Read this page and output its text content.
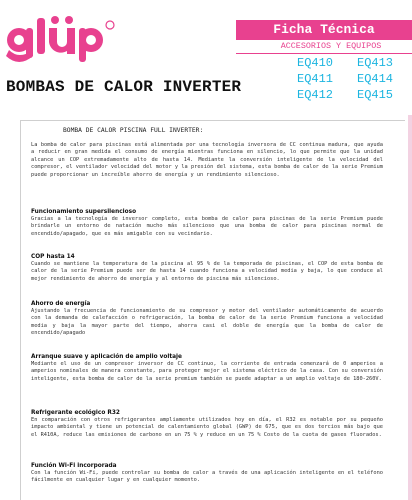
Ficha Técnica
ACCESORIOS Y EQUIPOS
EQ410 EQ413
EQ411 EQ414
EQ412 EQ415
BOMBAS DE CALOR INVERTER
BOMBA DE CALOR PISCINA FULL INVERTER:

La bomba de calor para piscinas está alimentada por una tecnología inversora de CC continua madura, que ayuda a reducir en gran medida el consumo de energía mientras funciona en silencio, lo que permite que la unidad alcance un COP extremadamente alto de hasta 14. Mediante la conversión inteligente de la velocidad del compresor, el ventilador velocidad del motor y la presión del sistema, esta bomba de calor de la serie Premium puede proporcionar un increíble ahorro de energía y un rendimiento silencioso.

Funcionamiento supersilencioso

Gracias a la tecnología de inversor completo, esta bomba de calor para piscinas de la serie Premium puede brindarle un entorno de natación mucho más silencioso que una bomba de calor para piscinas normal de encendido/apagado, que es más amigable con su vecindario.

COP hasta 14

Cuando se mantiene la temperatura de la piscina al 95 % de la temporada de piscinas, el COP de esta bomba de calor de la serie Premium puede ser de hasta 14 cuando funciona a velocidad media y baja, lo que conduce al mejor rendimiento de ahorro de energía y al entorno de piscina más silencioso.

Ahorro de energía

Ajustando la frecuencia de funcionamiento de su compresor y motor del ventilador automáticamente de acuerdo con la demanda de calefacción o refrigeración, la bomba de calor de la serie Premium funciona a velocidad media y baja la mayor parte del tiempo, ahorra casi el doble de energía que la bomba de calor de encendido/apagado

Arranque suave y aplicación de amplio voltaje

Mediante el uso de un compresor inversor de CC continuo, la corriente de entrada comenzará de 0 amperios a amperios nominales de manera constante, para proteger mejor el sistema eléctrico de la casa. Con su conversión inteligente, esta bomba de calor de la serie premium también se puede adaptar a un amplio voltaje de 180-260V.

Refrigerante ecológico R32

En comparación con otros refrigerantes ampliamente utilizados hoy en día, el R32 es notable por su pequeño impacto ambiental y tiene un potencial de calentamiento global (GWP) de 675, que es dos tercios más bajo que el R410A, reduce las emisiones de carbono en un 75 % y reduce en un 75 % Costo de la cuota de gases fluorados.

Función Wi-Fi incorporada

Con la función Wi-Fi, puede controlar su bomba de calor a través de una aplicación inteligente en el teléfono fácilmente en cualquier lugar y en cualquier momento.
